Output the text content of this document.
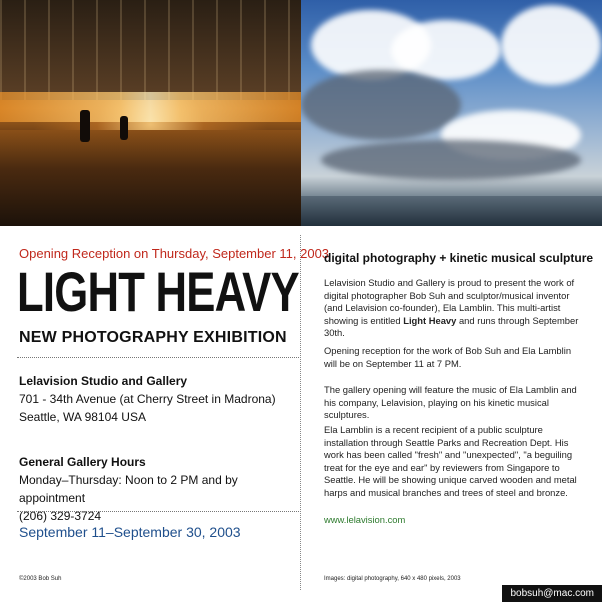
Opening Reception on Thursday, September 11, 2003
LIGHT HEAVY
NEW PHOTOGRAPHY EXHIBITION
Lelavision Studio and Gallery
701 - 34th Avenue (at Cherry Street in Madrona)
Seattle, WA 98104 USA
General Gallery Hours
Monday–Thursday: Noon to 2 PM and by appointment
(206) 329-3724
September 11–September 30, 2003
©2003 Bob Suh
digital photography + kinetic musical sculpture

Lelavision Studio and Gallery is proud to present the work of digital photographer Bob Suh and sculptor/musical inventor (and Lelavision co-founder), Ela Lamblin. This multi-artist showing is entitled Light Heavy and runs through September 30th.

Opening reception for the work of Bob Suh and Ela Lamblin will be on September 11 at 7 PM.

The gallery opening will feature the music of Ela Lamblin and his company, Lelavision, playing on his kinetic musical sculptures.

Ela Lamblin is a recent recipient of a public sculpture installation through Seattle Parks and Recreation Dept. His work has been called "fresh" and "unexpected", "a beguiling treat for the eye and ear" by reviewers from Singapore to Seattle. He will be showing unique carved wooden and metal harps and musical branches and trees of steel and bronze.

www.lelavision.com
Images: digital photography, 640 x 480 pixels, 2003
bobsuh@mac.com
